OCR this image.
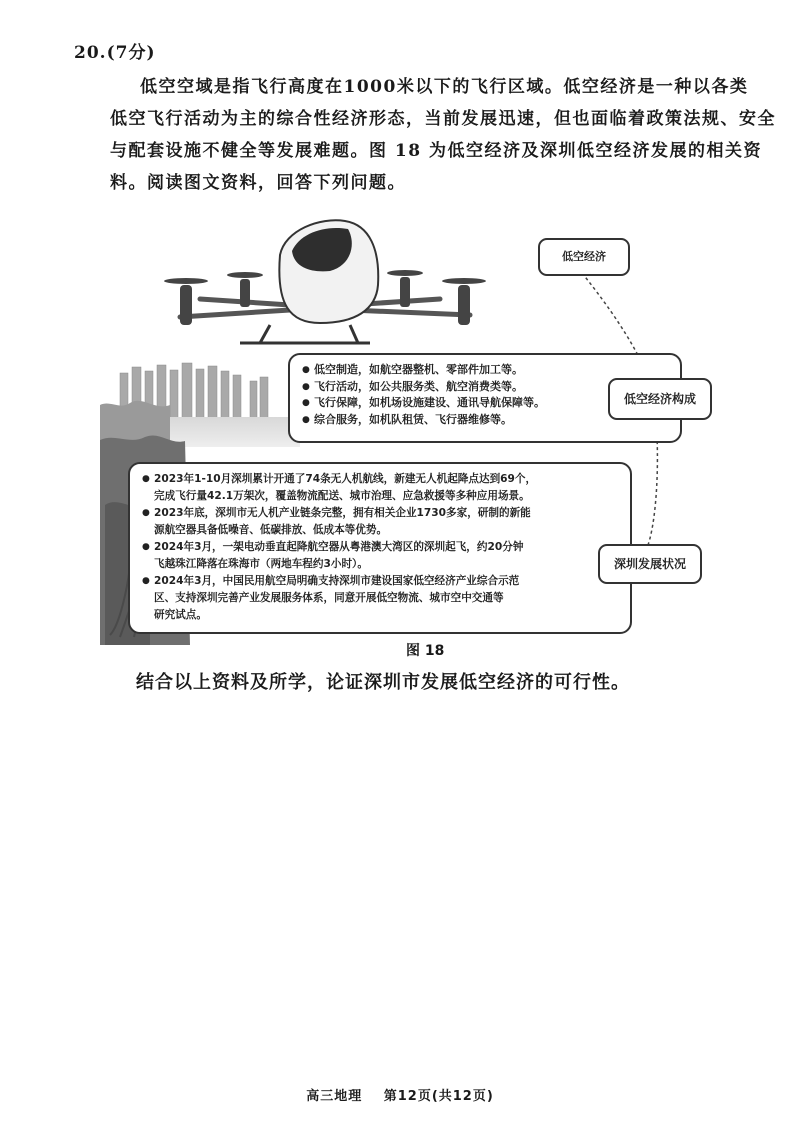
20.(7分)
低空空域是指飞行高度在1000米以下的飞行区域。低空经济是一种以各类
低空飞行活动为主的综合性经济形态，当前发展迅速，但也面临着政策法规、安全
与配套设施不健全等发展难题。图 18 为低空经济及深圳低空经济发展的相关资
料。阅读图文资料，回答下列问题。
低空经济
● 低空制造，如航空器整机、零部件加工等。
● 飞行活动，如公共服务类、航空消费类等。
● 飞行保障，如机场设施建设、通讯导航保障等。
● 综合服务，如机队租赁、飞行器维修等。
低空经济构成
● 2023年1-10月深圳累计开通了74条无人机航线，新建无人机起降点达到69个，
完成飞行量42.1万架次，覆盖物流配送、城市治理、应急救援等多种应用场景。
● 2023年底，深圳市无人机产业链条完整，拥有相关企业1730多家，研制的新能
源航空器具备低噪音、低碳排放、低成本等优势。
● 2024年3月，一架电动垂直起降航空器从粤港澳大湾区的深圳起飞，约20分钟
飞越珠江降落在珠海市（两地车程约3小时）。
● 2024年3月，中国民用航空局明确支持深圳市建设国家低空经济产业综合示范
区、支持深圳完善产业发展服务体系，同意开展低空物流、城市空中交通等
研究试点。
深圳发展状况
图 18
结合以上资料及所学，论证深圳市发展低空经济的可行性。
高三地理 第12页(共12页)
